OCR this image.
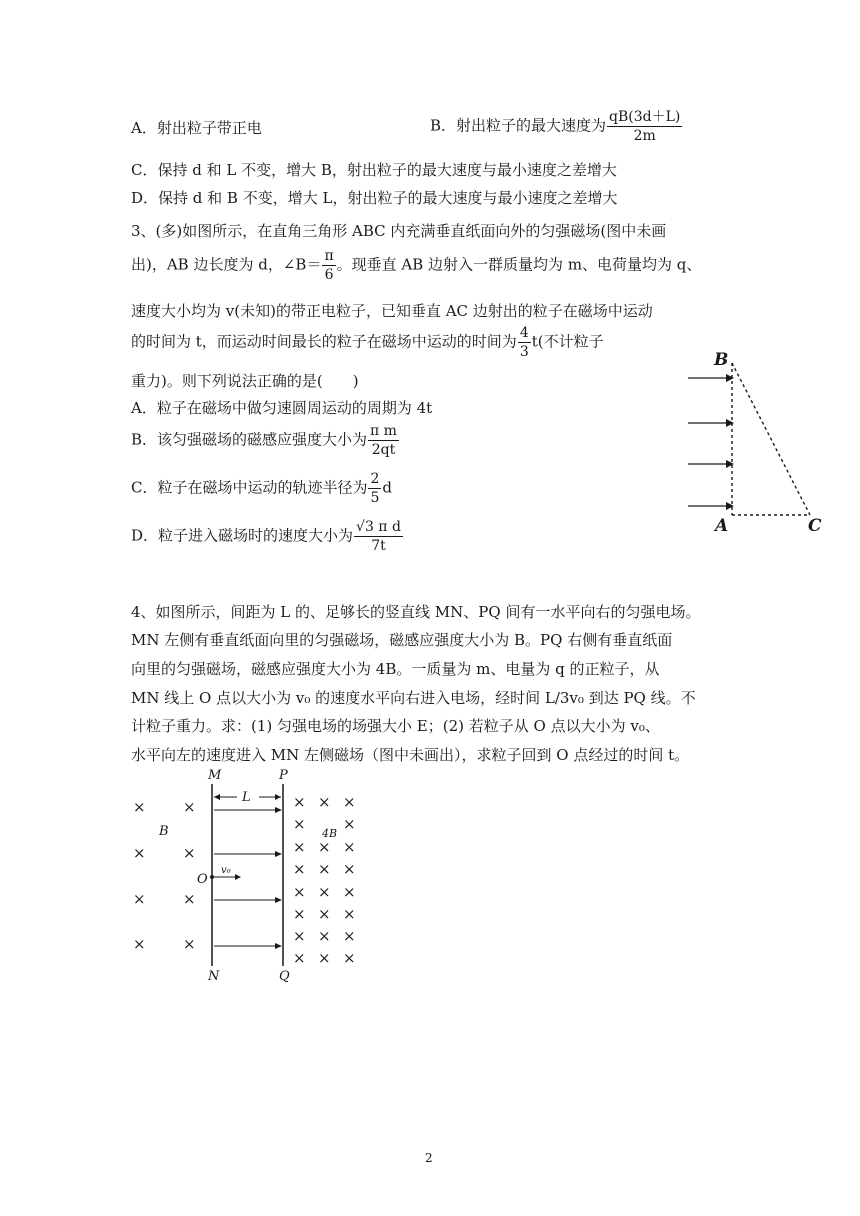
A．射出粒子带正电	B．射出粒子的最大速度为 $\frac{qB(3d+L)}{2m}$
C．保持 d 和 L 不变，增大 B，射出粒子的最大速度与最小速度之差增大
D．保持 d 和 B 不变，增大 L，射出粒子的最大速度与最小速度之差增大
3、(多)如图所示，在直角三角形 ABC 内充满垂直纸面向外的匀强磁场(图中未画
出)，AB 边长度为 d，∠B＝ $\frac{\pi}{6}$ 。现垂直 AB 边射入一群质量均为 m、电荷量均为 q、
速度大小均为 v(未知)的带正电粒子，已知垂直 AC 边射出的粒子在磁场中运动
的时间为 t，而运动时间最长的粒子在磁场中运动的时间为 $\frac{4}{3} t$(不计粒子
重力)。则下列说法正确的是(　　)
A．粒子在磁场中做匀速圆周运动的周期为 4t
B．该匀强磁场的磁感应强度大小为 $\frac{\text{π m}}{2qt}$
C．粒子在磁场中运动的轨迹半径为 $\frac{2}{5}$ d
D．粒子进入磁场时的速度大小为 $\frac{\text{√3 π d}}{7t}$
B
A	C
4、如图所示，间距为 L 的、足够长的竖直线 MN、PQ 间有一水平向右的匀强电场。
MN 左侧有垂直纸面向里的匀强磁场，磁感应强度大小为 B。PQ 右侧有垂直纸面
向里的匀强磁场，磁感应强度大小为 4B。一质量为 m、电量为 q 的正粒子，从
MN 线上 O 点以大小为 v₀ 的速度水平向右进入电场，经时间 L/3v₀ 到达 PQ 线。不
计粒子重力。求：(1) 匀强电场的场强大小 E；(2) 若粒子从 O 点以大小为 v₀、
水平向左的速度进入 MN 左侧磁场（图中未画出），求粒子回到 O 点经过的时间 t。
M	P
N	Q
L
O
v₀
B
× ×
× ×
× ×
× ×
× × ×
× ×
× × ×
× × ×
× × ×
× × ×
× × ×
× × ×
4B
2
